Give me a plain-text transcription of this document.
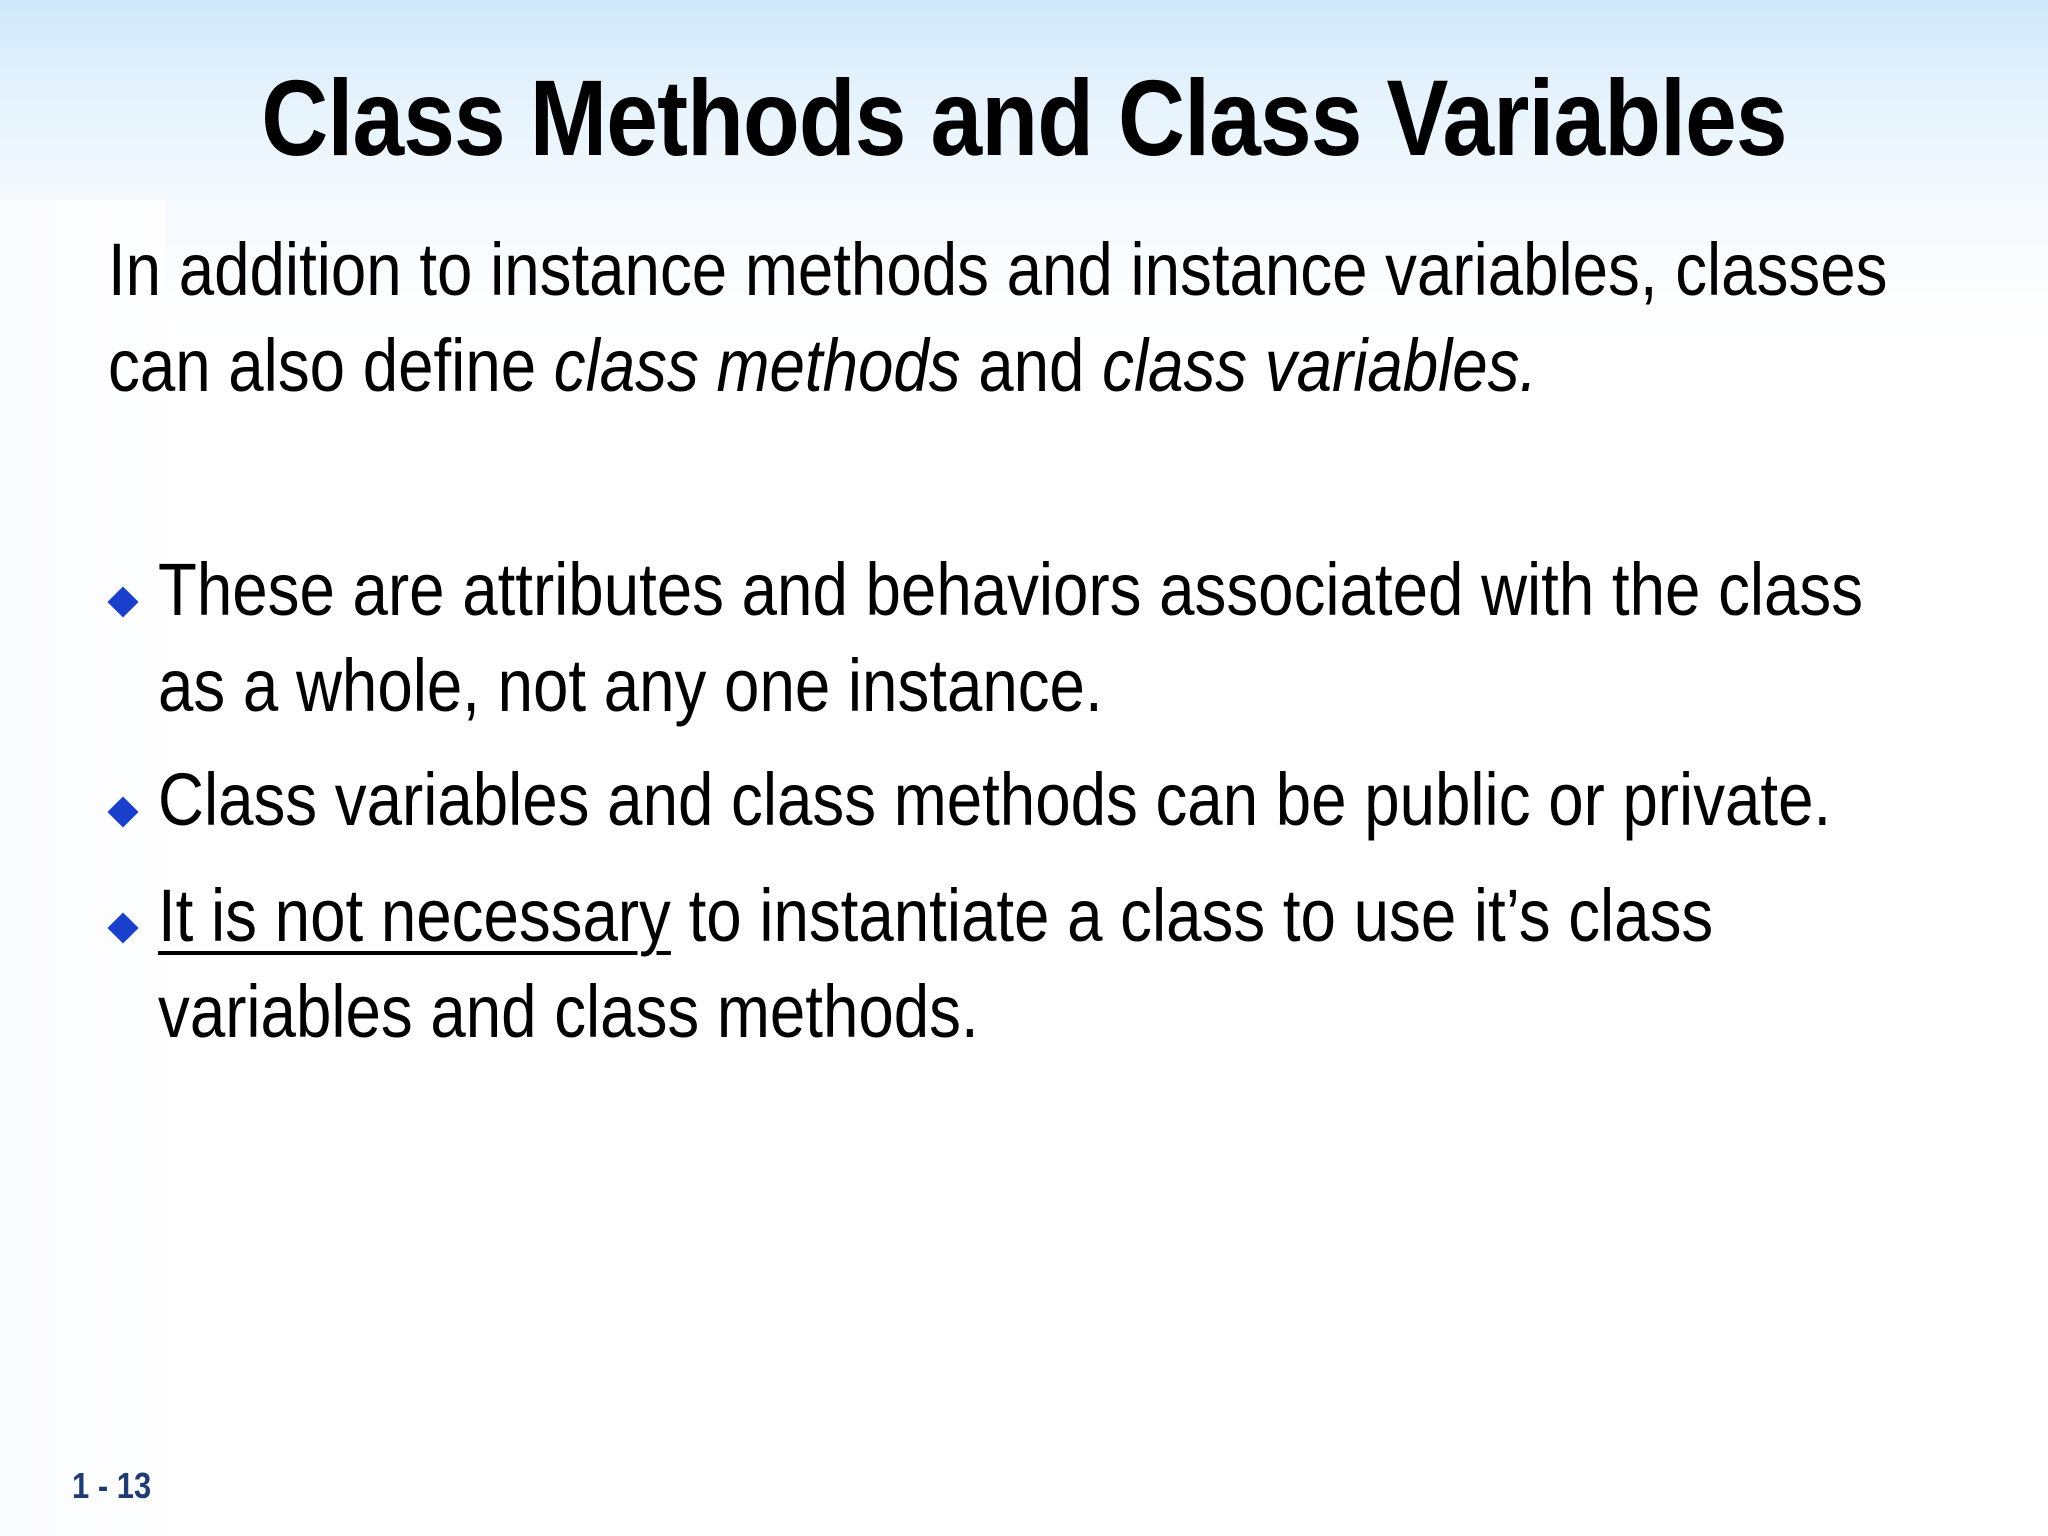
Class Methods and Class Variables
In addition to instance methods and instance variables, classes
can also define class methods and class variables.
These are attributes and behaviors associated with the class
as a whole, not any one instance.
Class variables and class methods can be public or private.
It is not necessary to instantiate a class to use it’s class
variables and class methods.
1 - 13
